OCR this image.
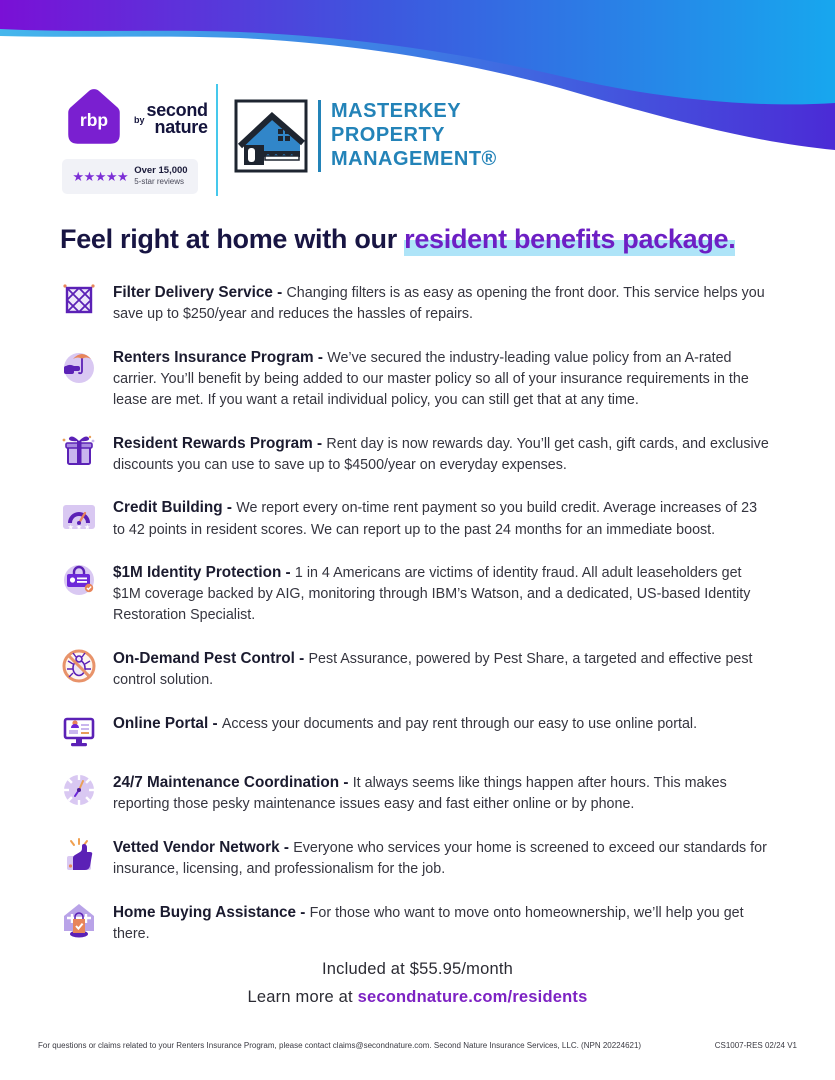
rbp	$^{by}$ second
nature
★★★★★ Over 15,000
5-star reviews
MASTERKEY
PROPERTY
MANAGEMENT®
Feel right at home with our resident benefits package.
Filter Delivery Service - Changing filters is as easy as opening the front door. This service helps you save up to $250/year and reduces the hassles of repairs.
Renters Insurance Program - We’ve secured the industry-leading value policy from an A-rated carrier. You’ll benefit by being added to our master policy so all of your insurance requirements in the lease are met. If you want a retail individual policy, you can still get that at any time.
Resident Rewards Program - Rent day is now rewards day. You’ll get cash, gift cards, and exclusive discounts you can use to save up to $4500/year on everyday expenses.
★ ★ ★
Credit Building - We report every on-time rent payment so you build credit. Average increases of 23 to 42 points in resident scores. We can report up to the past 24 months for an immediate boost.
$1M Identity Protection - 1 in 4 Americans are victims of identity fraud. All adult leaseholders get $1M coverage backed by AIG, monitoring through IBM’s Watson, and a dedicated, US-based Identity Restoration Specialist.
On-Demand Pest Control - Pest Assurance, powered by Pest Share, a targeted and effective pest control solution.
Online Portal - Access your documents and pay rent through our easy to use online portal.
24/7 Maintenance Coordination - It always seems like things happen after hours. This makes reporting those pesky maintenance issues easy and fast either online or by phone.
Vetted Vendor Network - Everyone who services your home is screened to exceed our standards for insurance, licensing, and professionalism for the job.
Home Buying Assistance - For those who want to move onto homeownership, we’ll help you get there.
Included at $55.95/month
Learn more at secondnature.com/residents
For questions or claims related to your Renters Insurance Program, please contact claims@secondnature.com. Second Nature Insurance Services, LLC. (NPN 20224621)	CS1007-RES 02/24 V1
